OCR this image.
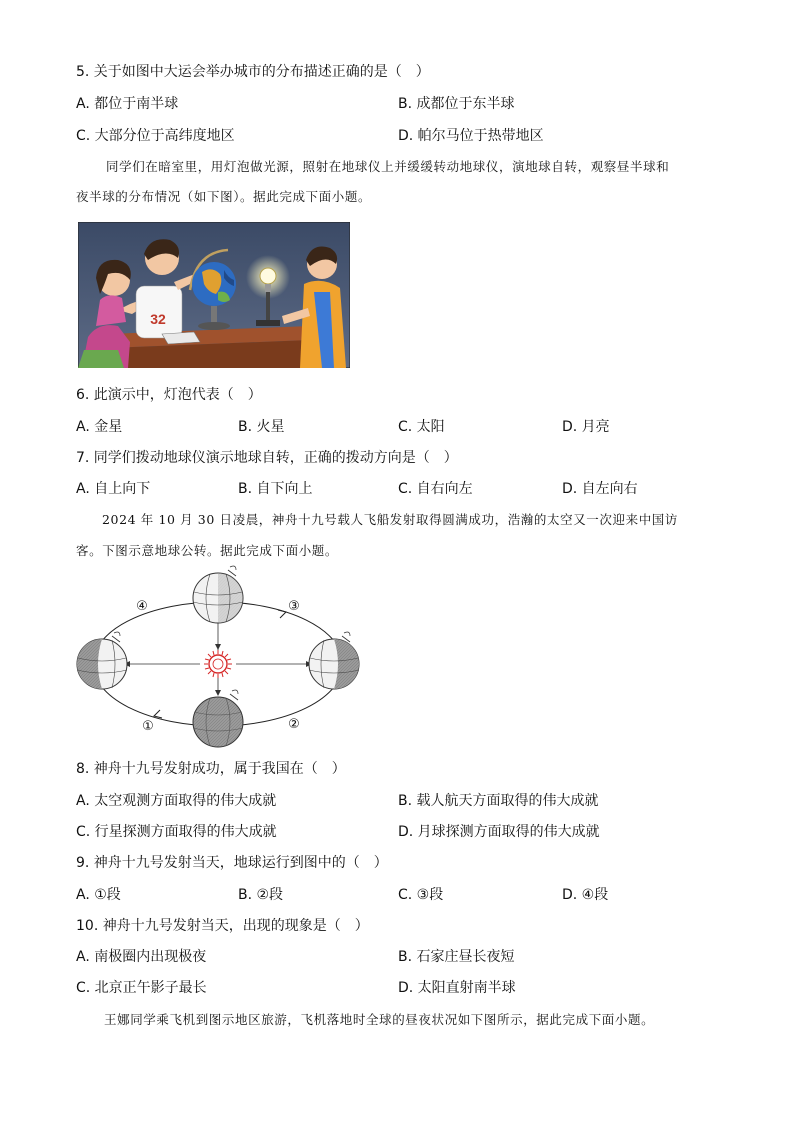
5. 关于如图中大运会举办城市的分布描述正确的是（　）
A. 都位于南半球	B. 成都位于东半球
C. 大部分位于高纬度地区	D. 帕尔马位于热带地区
同学们在暗室里，用灯泡做光源，照射在地球仪上并缓缓转动地球仪，演地球自转，观察昼半球和
夜半球的分布情况（如下图）。据此完成下面小题。
32
6. 此演示中，灯泡代表（　）
A. 金星	B. 火星	C. 太阳	D. 月亮
7. 同学们拨动地球仪演示地球自转，正确的拨动方向是（　）
A. 自上向下	B. 自下向上	C. 自右向左	D. 自左向右
2024 年 10 月 30 日凌晨，神舟十九号载人飞船发射取得圆满成功，浩瀚的太空又一次迎来中国访
客。下图示意地球公转。据此完成下面小题。
④	③
①	②
8. 神舟十九号发射成功，属于我国在（　）
A. 太空观测方面取得的伟大成就	B. 载人航天方面取得的伟大成就
C. 行星探测方面取得的伟大成就	D. 月球探测方面取得的伟大成就
9. 神舟十九号发射当天，地球运行到图中的（　）
A. ①段	B. ②段	C. ③段	D. ④段
10. 神舟十九号发射当天，出现的现象是（　）
A. 南极圈内出现极夜	B. 石家庄昼长夜短
C. 北京正午影子最长	D. 太阳直射南半球
王娜同学乘飞机到图示地区旅游，飞机落地时全球的昼夜状况如下图所示，据此完成下面小题。
